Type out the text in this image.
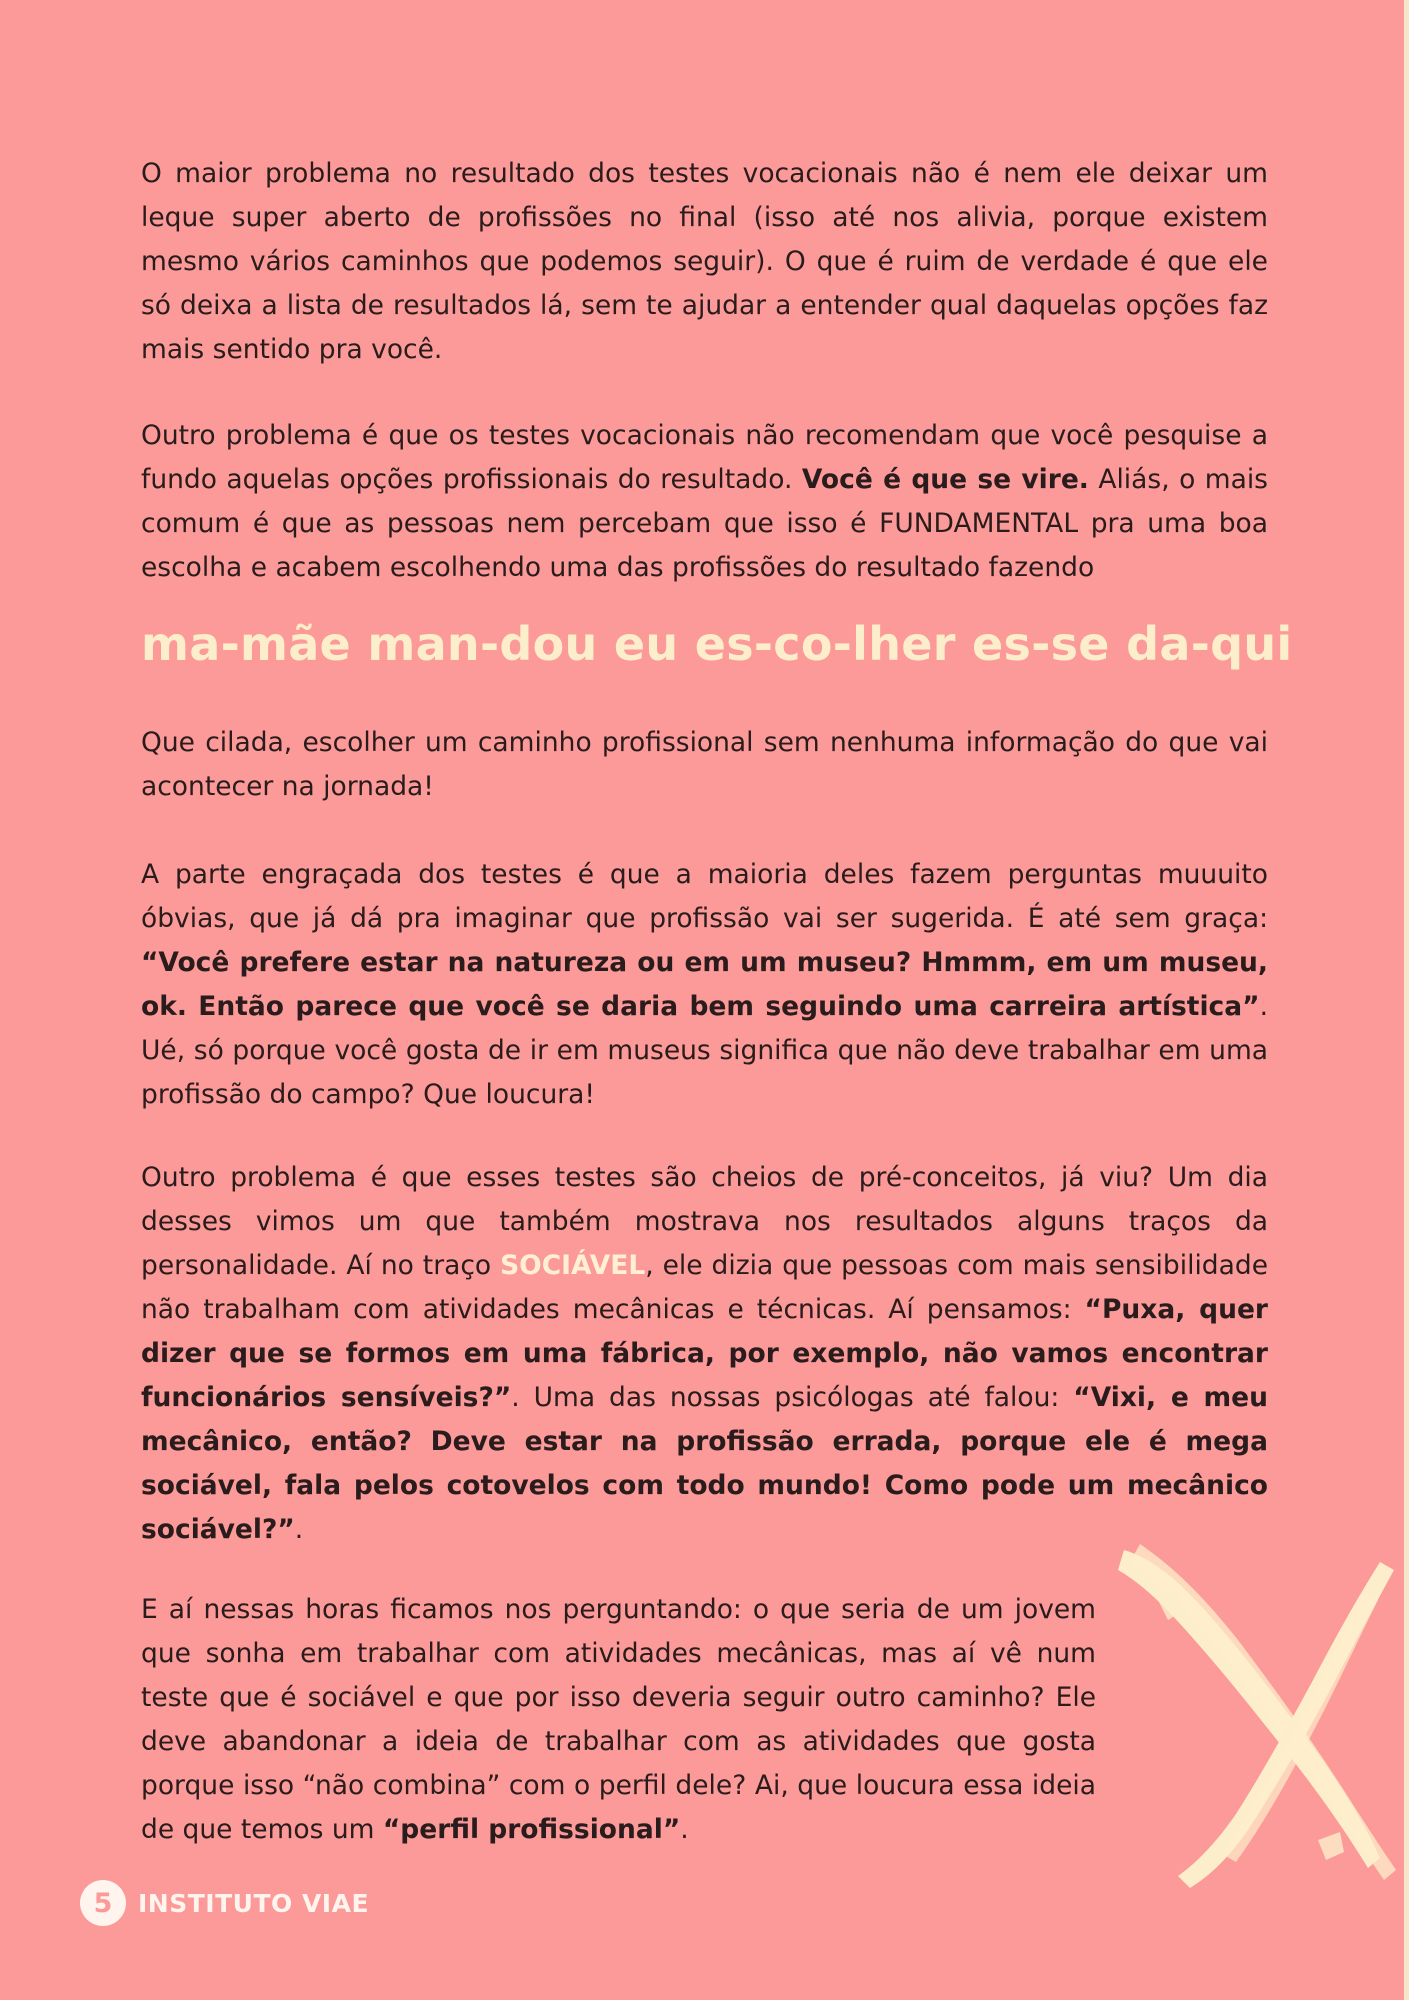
O maior problema no resultado dos testes vocacionais não é nem ele deixar um leque super aberto de profissões no final (isso até nos alivia, porque existem mesmo vários caminhos que podemos seguir). O que é ruim de verdade é que ele só deixa a lista de resultados lá, sem te ajudar a entender qual daquelas opções faz mais sentido pra você.

Outro problema é que os testes vocacionais não recomendam que você pesquise a fundo aquelas opções profissionais do resultado. Você é que se vire. Aliás, o mais comum é que as pessoas nem percebam que isso é FUNDAMENTAL pra uma boa escolha e acabem escolhendo uma das profissões do resultado fazendo

ma-mãe man-dou eu es-co-lher es-se da-qui

Que cilada, escolher um caminho profissional sem nenhuma informação do que vai acontecer na jornada!

A parte engraçada dos testes é que a maioria deles fazem perguntas muuuito óbvias, que já dá pra imaginar que profissão vai ser sugerida. É até sem graça: “Você prefere estar na natureza ou em um museu? Hmmm, em um museu, ok. Então parece que você se daria bem seguindo uma carreira artística”. Ué, só porque você gosta de ir em museus significa que não deve trabalhar em uma profissão do campo? Que loucura!

Outro problema é que esses testes são cheios de pré-conceitos, já viu? Um dia desses vimos um que também mostrava nos resultados alguns traços da personalidade. Aí no traço SOCIÁVEL, ele dizia que pessoas com mais sensibilidade não trabalham com atividades mecânicas e técnicas. Aí pensamos: “Puxa, quer dizer que se formos em uma fábrica, por exemplo, não vamos encontrar funcionários sensíveis?”. Uma das nossas psicólogas até falou: “Vixi, e meu mecânico, então? Deve estar na profissão errada, porque ele é mega sociável, fala pelos cotovelos com todo mundo! Como pode um mecânico sociável?”.

E aí nessas horas ficamos nos perguntando: o que seria de um jovem que sonha em trabalhar com atividades mecânicas, mas aí vê num teste que é sociável e que por isso deveria seguir outro caminho? Ele deve abandonar a ideia de trabalhar com as atividades que gosta porque isso “não combina” com o perfil dele? Ai, que loucura essa ideia de que temos um “perfil profissional”.

5	INSTITUTO VIAE
